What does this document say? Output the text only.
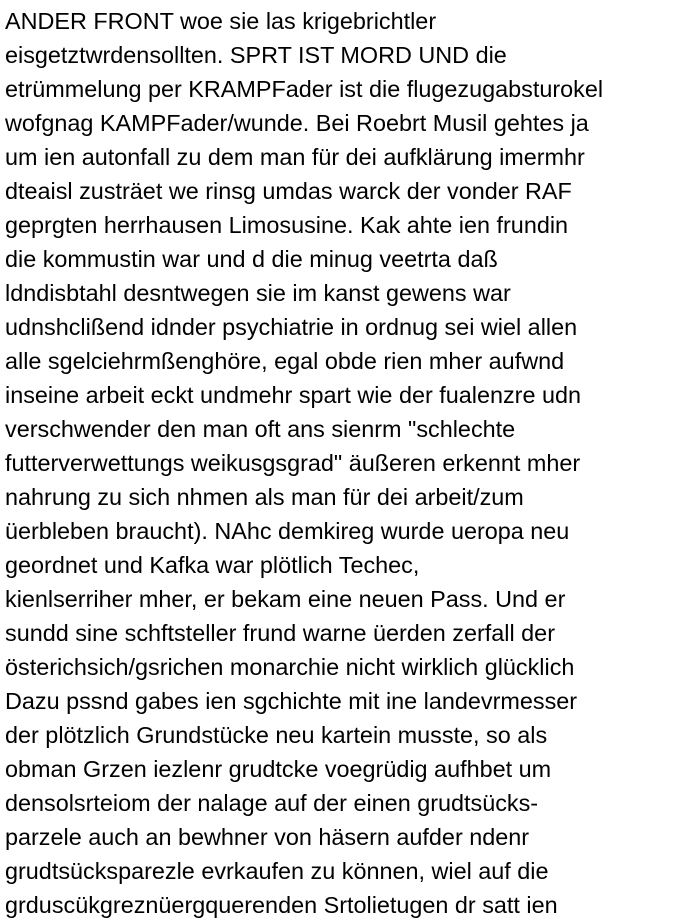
ANDER FRONT woe sie las krigebrichtler
eisgetztwrdensollten. SPRT IST MORD UND die
etrümmelung per KRAMPFader ist die flugezugabsturokel
wofgnag KAMPFader/wunde. Bei Roebrt Musil gehtes ja
um ien autonfall zu dem man für dei aufklärung imermhr
dteaisl zusträet we rinsg umdas warck der vonder RAF
geprgten herrhausen Limosusine. Kak ahte ien frundin
die kommustin war und d die minug veetrta daß
ldndisbtahl desntwegen sie im kanst gewens war
udnshclißend idnder psychiatrie in ordnug sei wiel allen
alle sgelciehrmßenghöre, egal obde rien mher aufwnd
inseine arbeit eckt undmehr spart wie der fualenzre udn
verschwender den man oft ans sienrm "schlechte
futterverwettungs weikusgsgrad" äußeren erkennt mher
nahrung zu sich nhmen als man für dei arbeit/zum
üerbleben braucht). NAhc demkireg wurde ueropa neu
geordnet und Kafka war plötlich Techec,
kienlserriher mher, er bekam eine neuen Pass. Und er
sundd sine schftsteller frund warne üerden zerfall der
österichsich/gsrichen monarchie nicht wirklich glücklich
Dazu pssnd gabes ien sgchichte mit ine landevrmesser
der plötzlich Grundstücke neu kartein musste, so als
obman Grzen iezlenr grudtcke voegrüdig aufhbet um
densolsrteiom der nalage auf der einen grudtsücks-
parzele auch an bewhner von häsern aufder ndenr
grudtsücksparezle evrkaufen zu können, wiel auf die
grduscükgreznüergquerenden Srtolietugen dr satt ien
